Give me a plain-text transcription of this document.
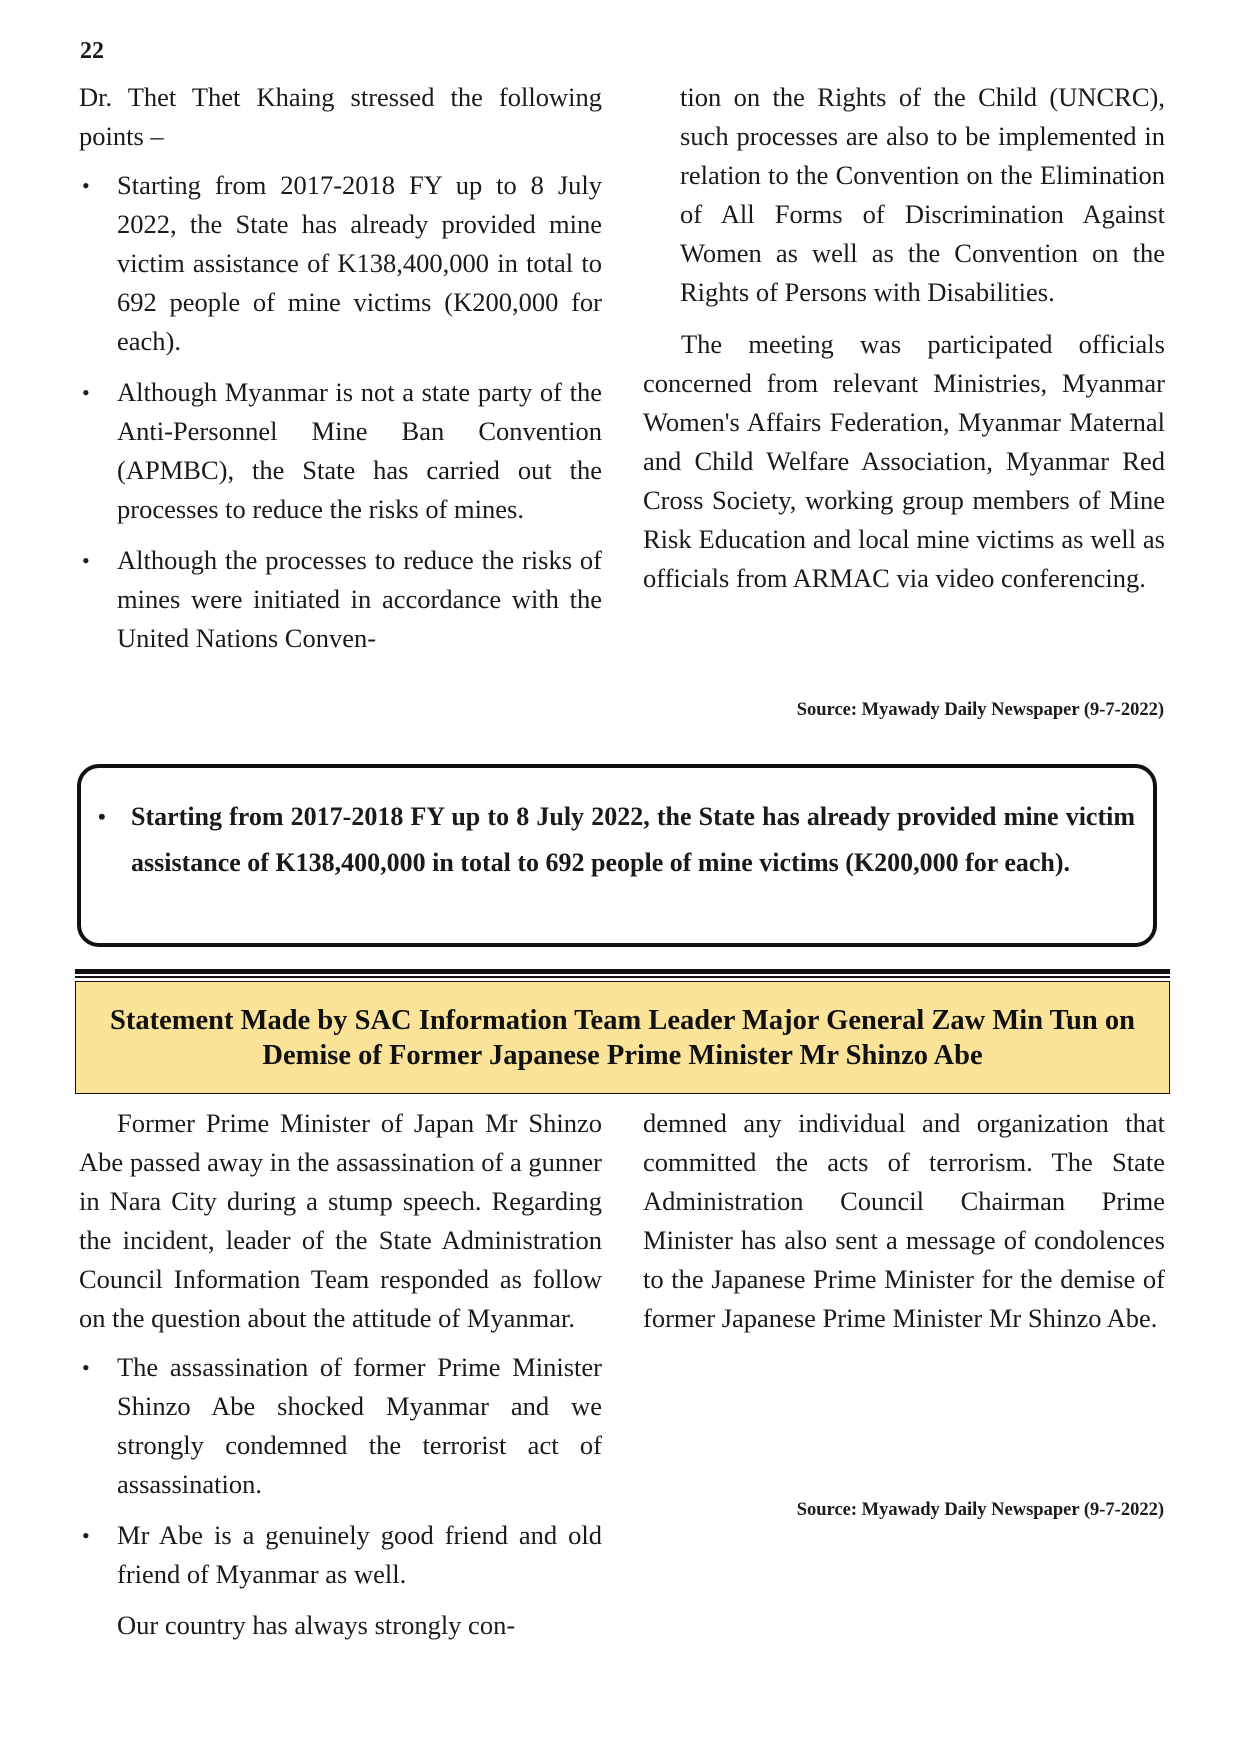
22

Dr. Thet Thet Khaing stressed the following points –

• Starting from 2017-2018 FY up to 8 July 2022, the State has already provided mine victim assistance of K138,400,000 in total to 692 people of mine victims (K200,000 for each).
• Although Myanmar is not a state party of the Anti-Personnel Mine Ban Convention (APMBC), the State has carried out the processes to reduce the risks of mines.
• Although the processes to reduce the risks of mines were initiated in accordance with the United Nations Conven-

tion on the Rights of the Child (UNCRC), such processes are also to be implemented in relation to the Convention on the Elimination of All Forms of Discrimination Against Women as well as the Convention on the Rights of Persons with Disabilities.

The meeting was participated officials concerned from relevant Ministries, Myanmar Women's Affairs Federation, Myanmar Maternal and Child Welfare Association, Myanmar Red Cross Society, working group members of Mine Risk Education and local mine victims as well as officials from ARMAC via video conferencing.

Source: Myawady Daily Newspaper (9-7-2022)
• Starting from 2017-2018 FY up to 8 July 2022, the State has already provided mine victim assistance of K138,400,000 in total to 692 people of mine victims (K200,000 for each).
Statement Made by SAC Information Team Leader Major General Zaw Min Tun on Demise of Former Japanese Prime Minister Mr Shinzo Abe

Former Prime Minister of Japan Mr Shinzo Abe passed away in the assassination of a gunner in Nara City during a stump speech. Regarding the incident, leader of the State Administration Council Information Team responded as follow on the question about the attitude of Myanmar.

• The assassination of former Prime Minister Shinzo Abe shocked Myanmar and we strongly condemned the terrorist act of assassination.
• Mr Abe is a genuinely good friend and old friend of Myanmar as well.

Our country has always strongly con-

demned any individual and organization that committed the acts of terrorism. The State Administration Council Chairman Prime Minister has also sent a message of condolences to the Japanese Prime Minister for the demise of former Japanese Prime Minister Mr Shinzo Abe.

Source: Myawady Daily Newspaper (9-7-2022)
